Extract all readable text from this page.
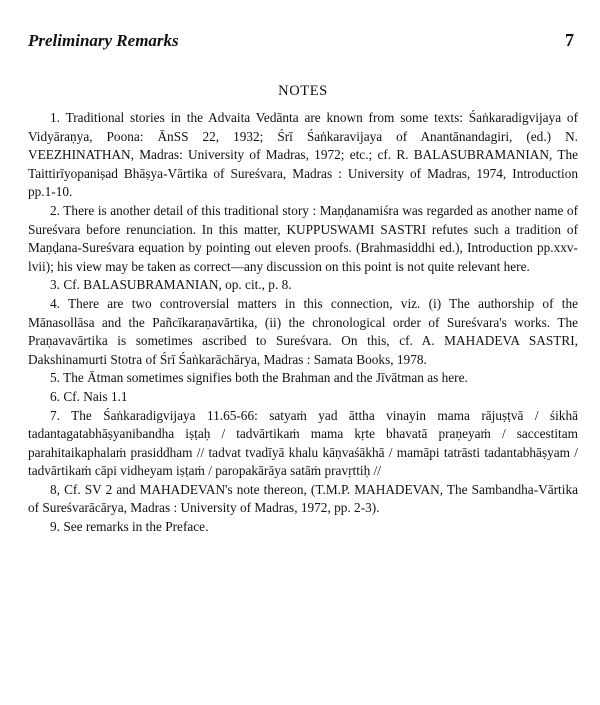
Preliminary Remarks	7
NOTES

1. Traditional stories in the Advaita Vedānta are known from some texts: Śaṅkaradigvijaya of Vidyāraṇya, Poona: ĀnSS 22, 1932; Śrī Śaṅkaravijaya of Anantānandagiri, (ed.) N. VEEZHINATHAN, Madras: University of Madras, 1972; etc.; cf. R. BALASUBRAMANIAN, The Taittirīyopaniṣad Bhāṣya-Vārtika of Sureśvara, Madras : University of Madras, 1974, Introduction pp.1-10.

2. There is another detail of this traditional story : Maṇḍanamiśra was regarded as another name of Sureśvara before renunciation. In this matter, KUPPUSWAMI SASTRI refutes such a tradition of Maṇḍana-Sureśvara equation by pointing out eleven proofs. (Brahmasiddhi ed.), Introduction pp.xxv-lvii); his view may be taken as correct—any discussion on this point is not quite relevant here.

3. Cf. BALASUBRAMANIAN, op. cit., p. 8.

4. There are two controversial matters in this connection, viz. (i) The authorship of the Mānasollāsa and the Pañcīkaraṇavārtika, (ii) the chronological order of Sureśvara's works. The Praṇavavārtika is sometimes ascribed to Sureśvara. On this, cf. A. MAHADEVA SASTRI, Dakshinamurti Stotra of Śrī Śaṅkarāchārya, Madras : Samata Books, 1978.

5. The Ātman sometimes signifies both the Brahman and the Jīvātman as here.

6. Cf. Nais 1.1

7. The Śaṅkaradigvijaya 11.65-66: satyaṁ yad āttha vinayin mama rājuṣṭvā / śikhā tadantagatabhāṣyanibandha iṣṭaḥ / tadvārtikaṁ mama kṛte bhavatā praṇeyaṁ / saccestitam parahitaikaphalaṁ prasiddham // tadvat tvadīyā khalu kāṇvaśākhā / mamāpi tatrāsti tadantabhāṣyam / tadvārtikaṁ cāpi vidheyam iṣṭaṁ / paropakārāya satāṁ pravṛttiḥ //

8, Cf. SV 2 and MAHADEVAN's note thereon, (T.M.P. MAHADEVAN, The Sambandha-Vārtika of Sureśvarācārya, Madras : University of Madras, 1972, pp. 2-3).

9. See remarks in the Preface.
